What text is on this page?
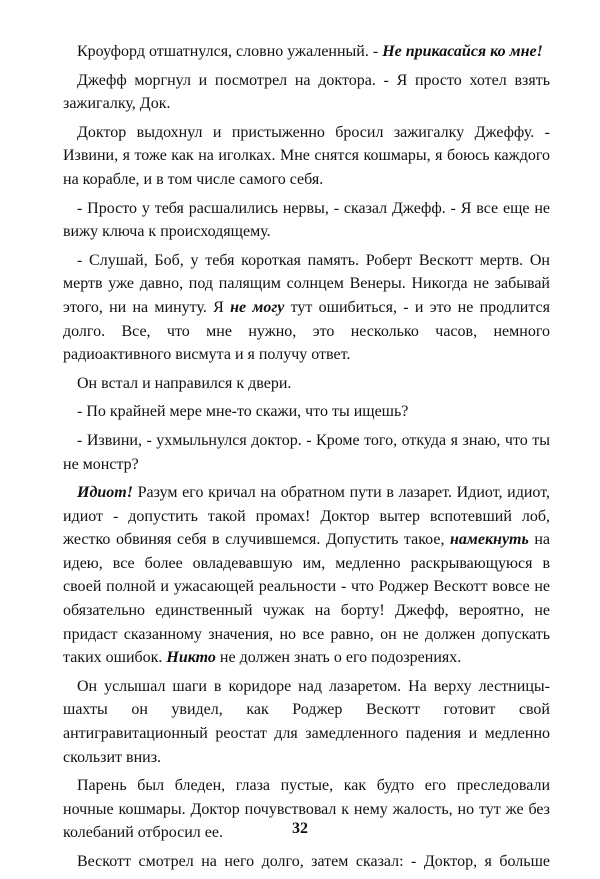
Кроуфорд отшатнулся, словно ужаленный. - Не прикасайся ко мне!

Джефф моргнул и посмотрел на доктора. - Я просто хотел взять зажигалку, Док.

Доктор выдохнул и пристыженно бросил зажигалку Джеффу. - Извини, я тоже как на иголках. Мне снятся кошмары, я боюсь каждого на корабле, и в том числе самого себя.

- Просто у тебя расшалились нервы, - сказал Джефф. - Я все еще не вижу ключа к происходящему.

- Слушай, Боб, у тебя короткая память. Роберт Вескотт мертв. Он мертв уже давно, под палящим солнцем Венеры. Никогда не забывай этого, ни на минуту. Я не могу тут ошибиться, - и это не продлится долго. Все, что мне нужно, это несколько часов, немного радиоактивного висмута и я получу ответ.

Он встал и направился к двери.

- По крайней мере мне-то скажи, что ты ищешь?

- Извини, - ухмыльнулся доктор. - Кроме того, откуда я знаю, что ты не монстр?

Идиот! Разум его кричал на обратном пути в лазарет. Идиот, идиот, идиот - допустить такой промах! Доктор вытер вспотевший лоб, жестко обвиняя себя в случившемся. Допустить такое, намекнуть на идею, все более овладевавшую им, медленно раскрывающуюся в своей полной и ужасающей реальности - что Роджер Вескотт вовсе не обязательно единственный чужак на борту! Джефф, вероятно, не придаст сказанному значения, но все равно, он не должен допускать таких ошибок. Никто не должен знать о его подозрениях.

Он услышал шаги в коридоре над лазаретом. На верху лестницы-шахты он увидел, как Роджер Вескотт готовит свой антигравитационный реостат для замедленного падения и медленно скользит вниз.

Парень был бледен, глаза пустые, как будто его преследовали ночные кошмары. Доктор почувствовал к нему жалость, но тут же без колебаний отбросил ее.

Вескотт смотрел на него долго, затем сказал: - Доктор, я больше

32
